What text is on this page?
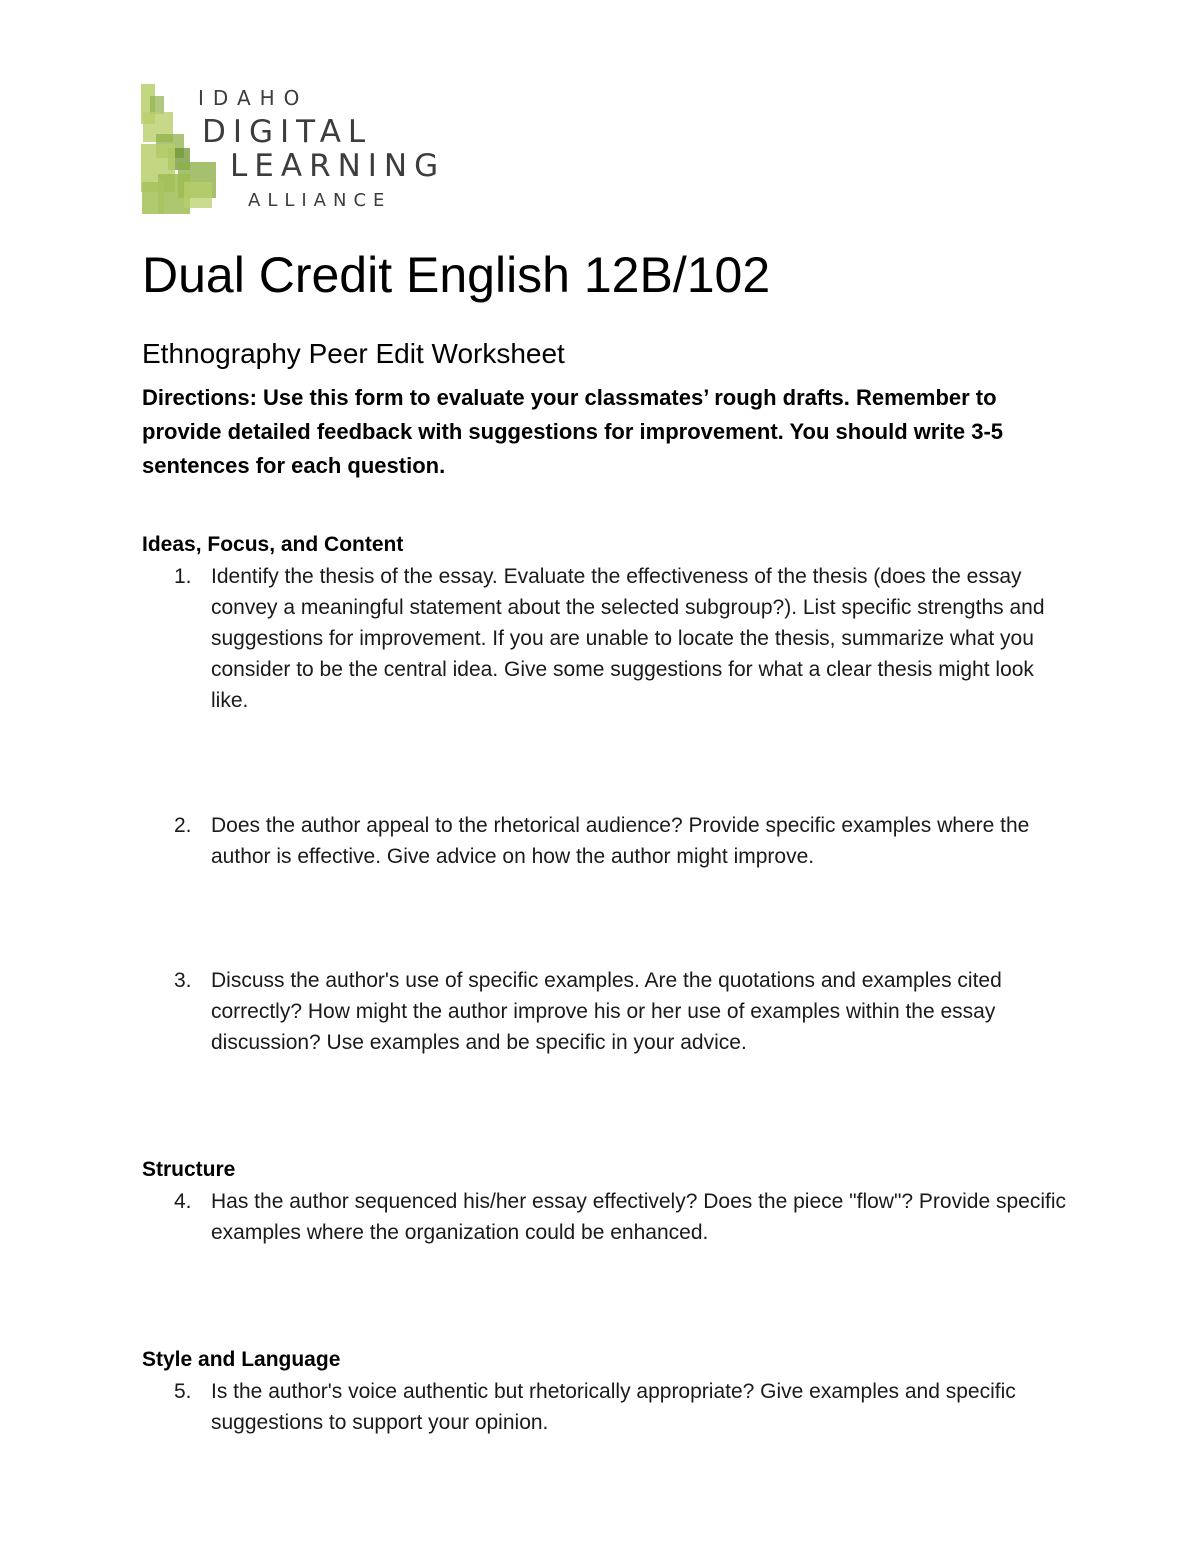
IDAHO
DIGITAL
LEARNING
ALLIANCE
Dual Credit English 12B/102
Ethnography Peer Edit Worksheet

Directions: Use this form to evaluate your classmates’ rough drafts. Remember to provide detailed feedback with suggestions for improvement. You should write 3-5 sentences for each question.

Ideas, Focus, and Content
1. Identify the thesis of the essay. Evaluate the effectiveness of the thesis (does the essay convey a meaningful statement about the selected subgroup?). List specific strengths and suggestions for improvement. If you are unable to locate the thesis, summarize what you consider to be the central idea. Give some suggestions for what a clear thesis might look like.
2. Does the author appeal to the rhetorical audience? Provide specific examples where the author is effective. Give advice on how the author might improve.
3. Discuss the author's use of specific examples. Are the quotations and examples cited correctly? How might the author improve his or her use of examples within the essay discussion? Use examples and be specific in your advice.
Structure
4. Has the author sequenced his/her essay effectively? Does the piece "flow"? Provide specific examples where the organization could be enhanced.
Style and Language
5. Is the author's voice authentic but rhetorically appropriate? Give examples and specific suggestions to support your opinion.
